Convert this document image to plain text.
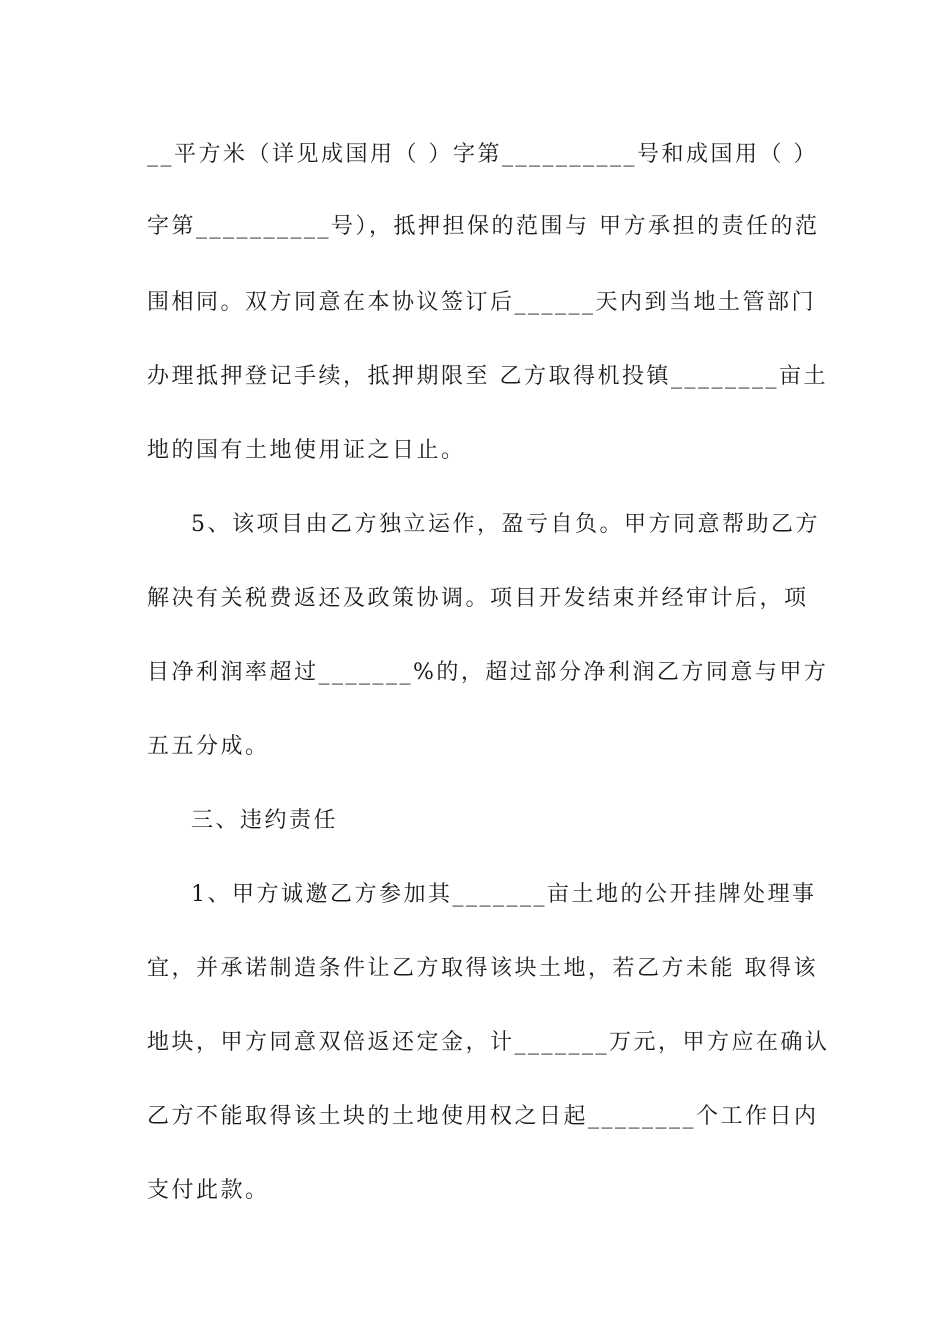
__平方米（详见成国用（ ）字第__________号和成国用（ ）
字第__________号），抵押担保的范围与 甲方承担的责任的范
围相同。双方同意在本协议签订后______天内到当地土管部门
办理抵押登记手续，抵押期限至 乙方取得机投镇________亩土
地的国有土地使用证之日止。
5、该项目由乙方独立运作，盈亏自负。甲方同意帮助乙方
解决有关税费返还及政策协调。项目开发结束并经审计后，项
目净利润率超过_______%的，超过部分净利润乙方同意与甲方
五五分成。
三、违约责任
1、甲方诚邀乙方参加其_______亩土地的公开挂牌处理事
宜，并承诺制造条件让乙方取得该块土地，若乙方未能 取得该
地块，甲方同意双倍返还定金，计_______万元，甲方应在确认
乙方不能取得该土块的土地使用权之日起________个工作日内
支付此款。
